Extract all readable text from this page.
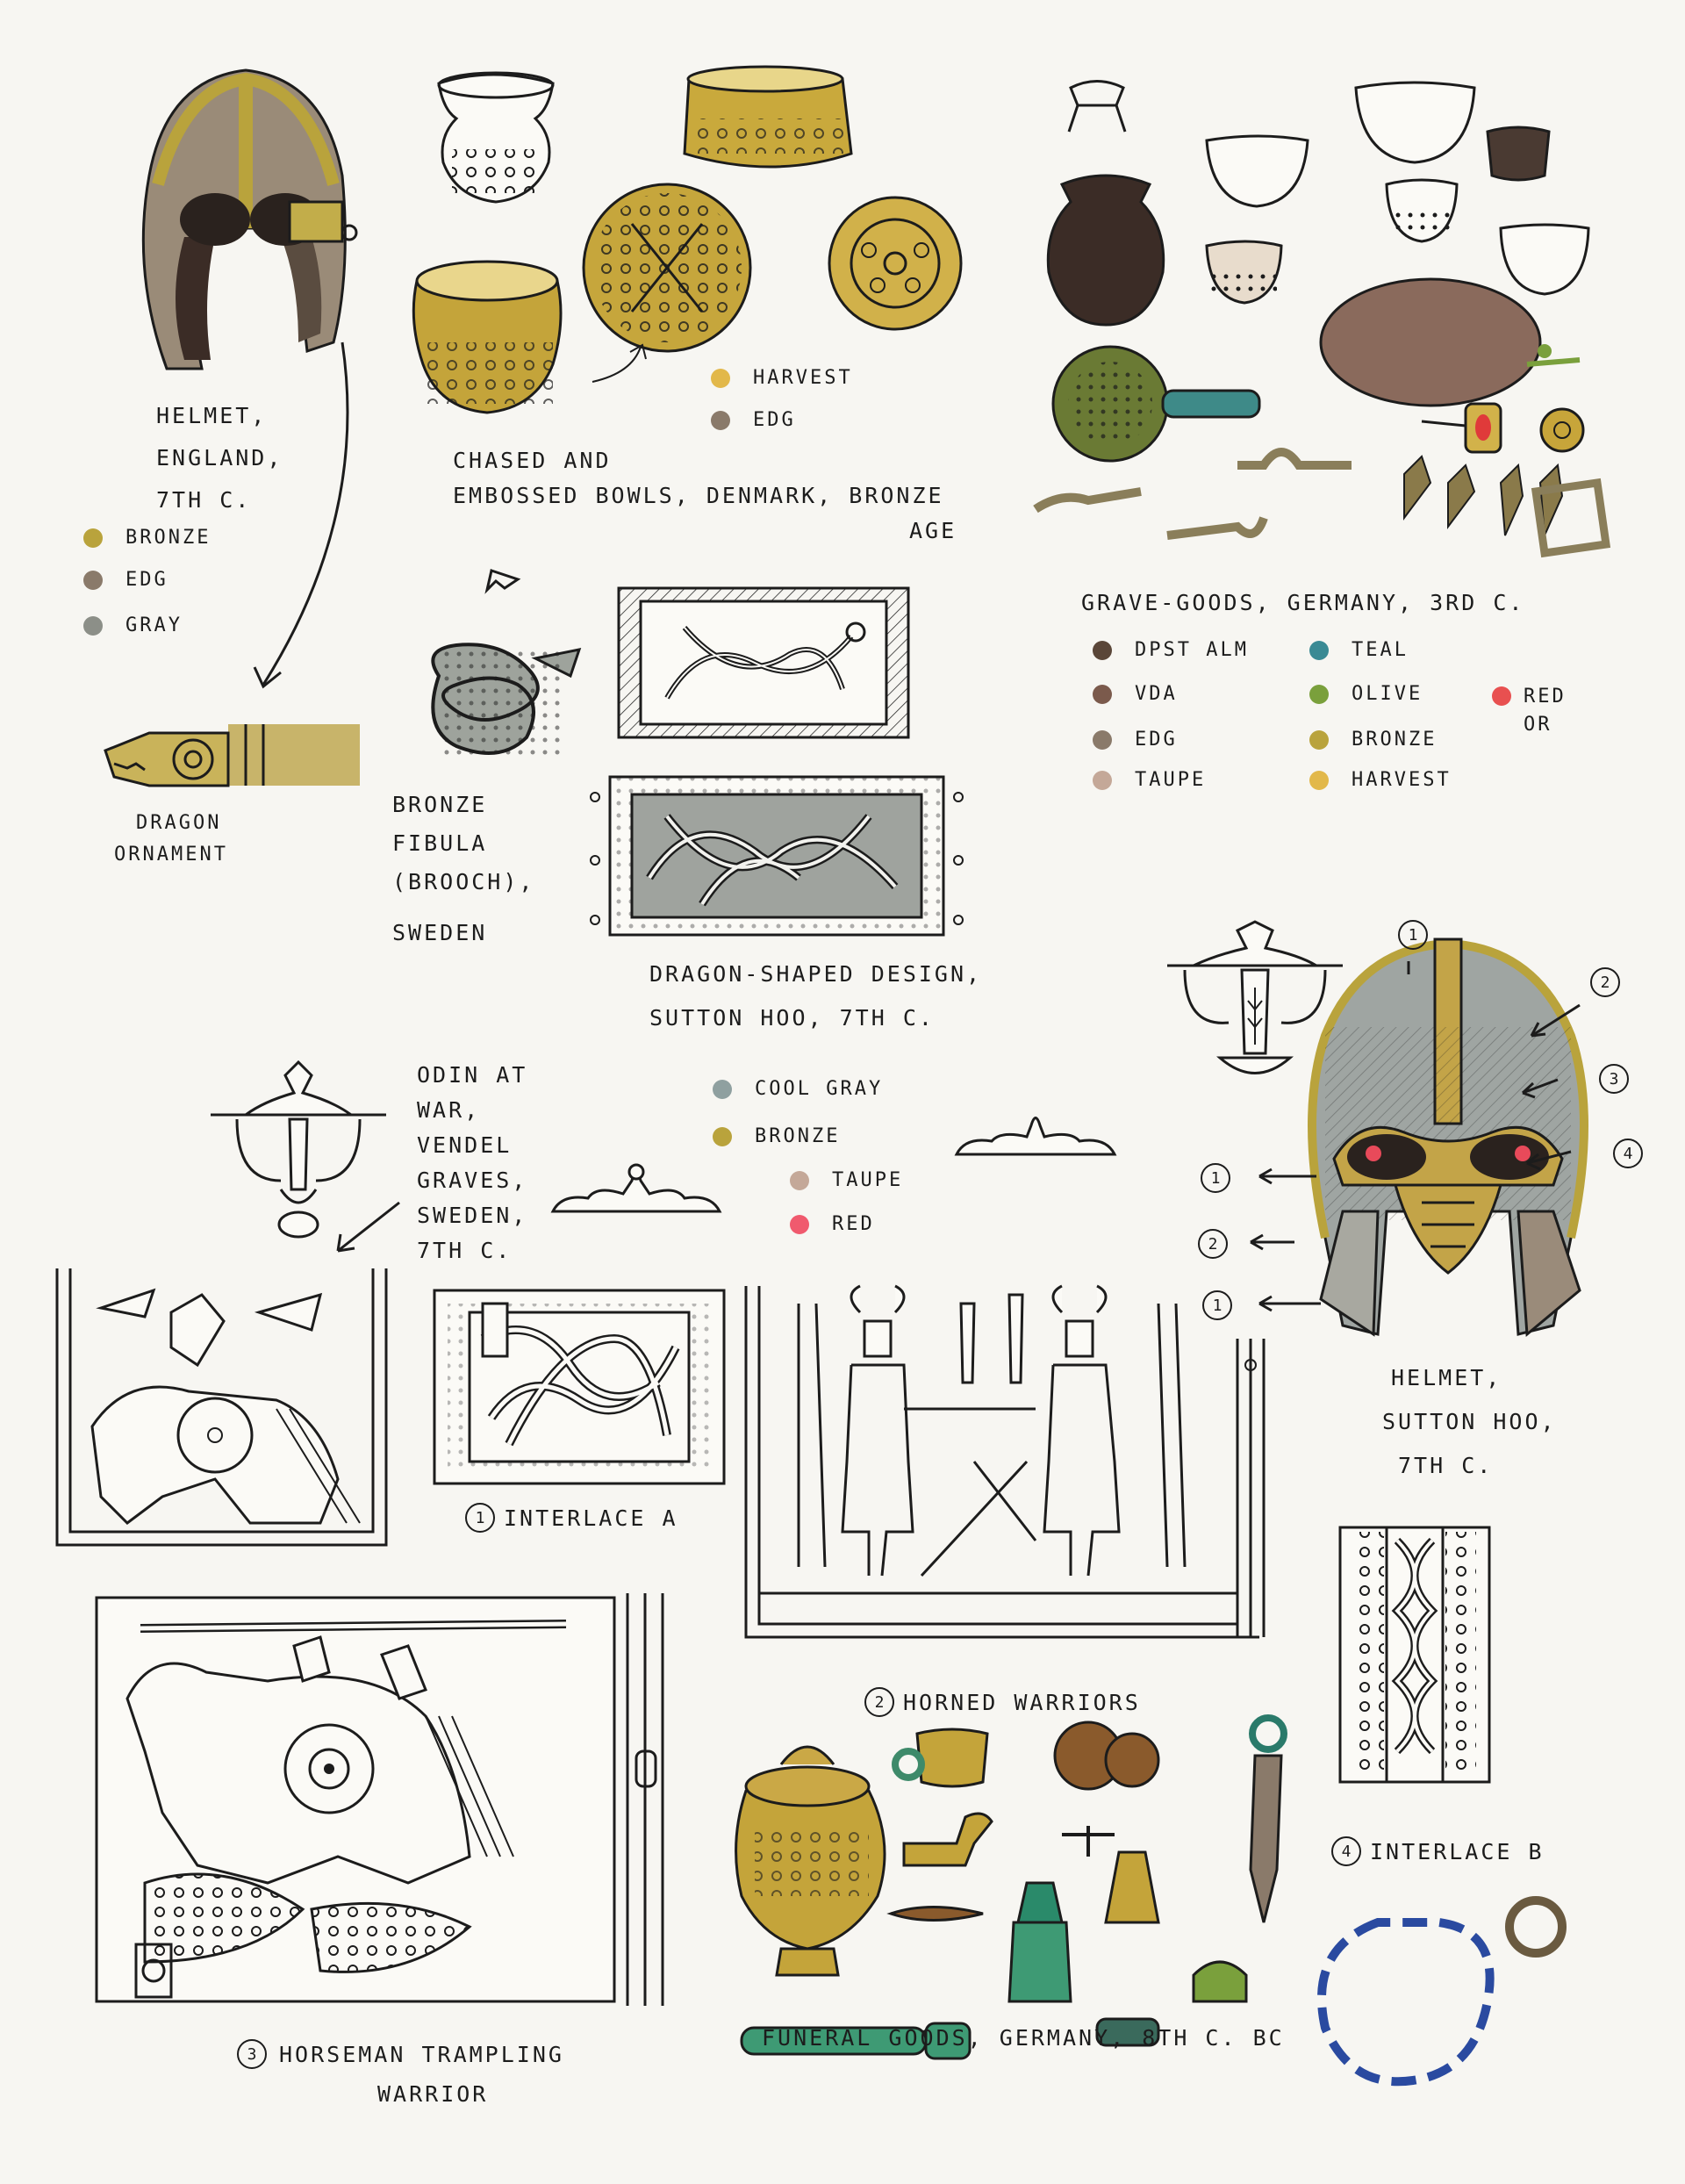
HELMET,
ENGLAND,
7TH C.
BRONZE
EDG
GRAY
DRAGON
ORNAMENT
HARVEST
EDG
CHASED AND
EMBOSSED BOWLS, DENMARK, BRONZE
AGE
GRAVE-GOODS, GERMANY, 3RD C.
DPST ALM
VDA
EDG
TAUPE
TEAL
OLIVE
BRONZE
HARVEST
RED OR
BRONZE
FIBULA
(BROOCH),
SWEDEN
DRAGON-SHAPED DESIGN,
SUTTON HOO, 7TH C.
ODIN AT
WAR,
VENDEL
GRAVES,
SWEDEN,
7TH C.
COOL GRAY
BRONZE
TAUPE
RED
1
2
3
4
1
2
1
HELMET,
SUTTON HOO,
7TH C.
1 INTERLACE A
2 HORNED WARRIORS
4 INTERLACE B
3	HORSEMAN TRAMPLING
WARRIOR
FUNERAL GOODS, GERMANY, 8TH C. BC
